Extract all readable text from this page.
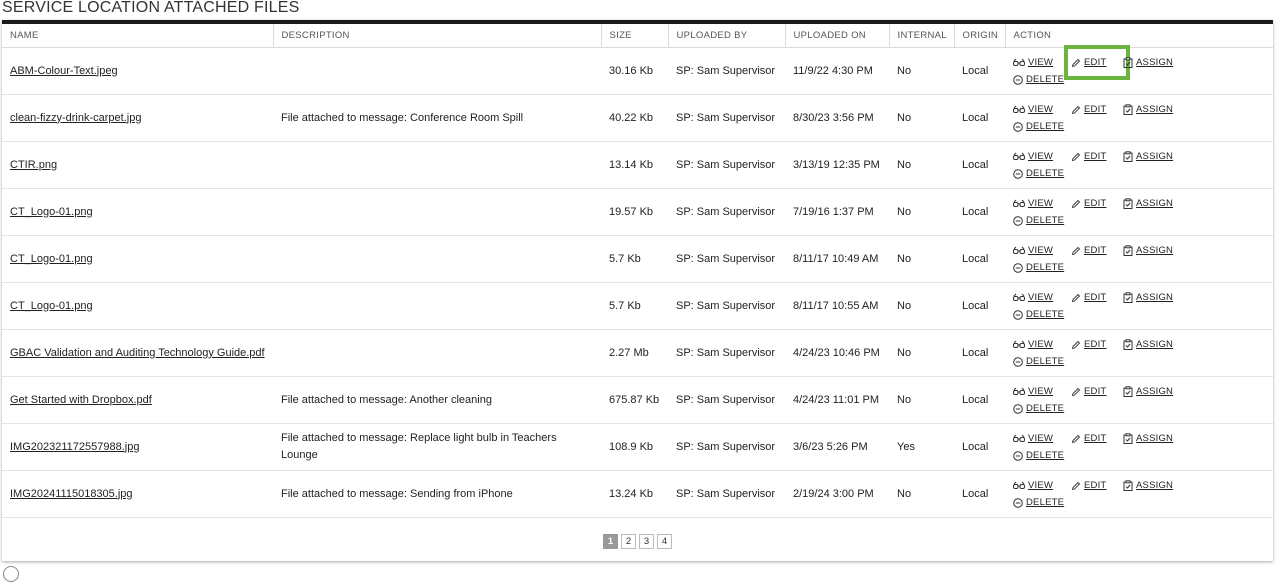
SERVICE LOCATION ATTACHED FILES
NAME	DESCRIPTION	SIZE	UPLOADED BY	UPLOADED ON	INTERNAL	ORIGIN	ACTION
ABM-Colour-Text.jpeg		30.16 Kb	SP: Sam Supervisor	11/9/22 4:30 PM	No	Local	VIEW EDIT ASSIGN
DELETE

clean-fizzy-drink-carpet.jpg	File attached to message: Conference Room Spill	40.22 Kb	SP: Sam Supervisor	8/30/23 3:56 PM	No	Local	VIEW EDIT ASSIGN
DELETE

CTIR.png		13.14 Kb	SP: Sam Supervisor	3/13/19 12:35 PM	No	Local	VIEW EDIT ASSIGN
DELETE

CT_Logo-01.png		19.57 Kb	SP: Sam Supervisor	7/19/16 1:37 PM	No	Local	VIEW EDIT ASSIGN
DELETE

CT_Logo-01.png		5.7 Kb	SP: Sam Supervisor	8/11/17 10:49 AM	No	Local	VIEW EDIT ASSIGN
DELETE

CT_Logo-01.png		5.7 Kb	SP: Sam Supervisor	8/11/17 10:55 AM	No	Local	VIEW EDIT ASSIGN
DELETE

GBAC Validation and Auditing Technology Guide.pdf		2.27 Mb	SP: Sam Supervisor	4/24/23 10:46 PM	No	Local	VIEW EDIT ASSIGN
DELETE

Get Started with Dropbox.pdf	File attached to message: Another cleaning	675.87 Kb	SP: Sam Supervisor	4/24/23 11:01 PM	No	Local	VIEW EDIT ASSIGN
DELETE

IMG202321172557988.jpg	File attached to message: Replace light bulb in Teachers Lounge	108.9 Kb	SP: Sam Supervisor	3/6/23 5:26 PM	Yes	Local	VIEW EDIT ASSIGN
DELETE

IMG20241115018305.jpg	File attached to message: Sending from iPhone	13.24 Kb	SP: Sam Supervisor	2/19/24 3:00 PM	No	Local	VIEW EDIT ASSIGN
DELETE
1	2	3	4
